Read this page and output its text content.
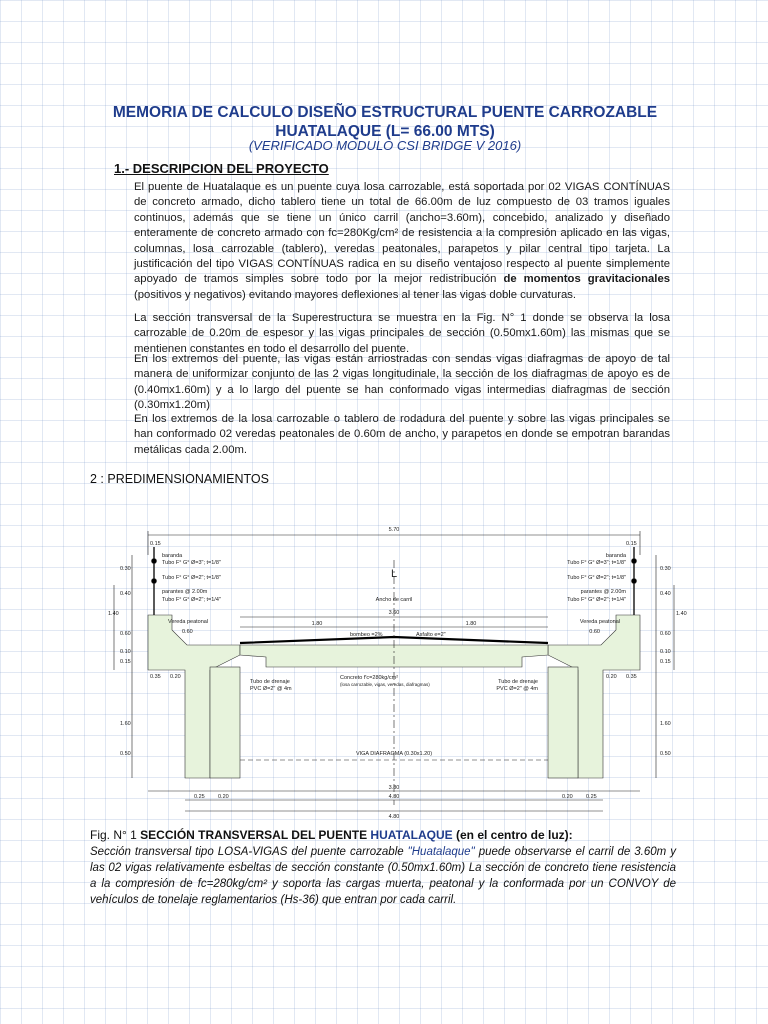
MEMORIA DE CALCULO DISEÑO ESTRUCTURAL PUENTE CARROZABLE
HUATALAQUE (L= 66.00 MTS)
(VERIFICADO MODULO CSI BRIDGE V 2016)
1.- DESCRIPCION DEL PROYECTO
El puente de Huatalaque es un puente cuya losa carrozable, está soportada por 02 VIGAS CONTÍNUAS de concreto armado, dicho tablero tiene un total de 66.00m de luz compuesto de 03 tramos iguales continuos, además que se tiene un único carril (ancho=3.60m), concebido, analizado y diseñado enteramente de concreto armado con fc=280Kg/cm² de resistencia a la compresión aplicado en las vigas, columnas, losa carrozable (tablero), veredas peatonales, parapetos y pilar central tipo tarjeta. La justificación del tipo VIGAS CONTÍNUAS radica en su diseño ventajoso respecto al puente simplemente apoyado de tramos simples sobre todo por la mejor redistribución de momentos gravitacionales (positivos y negativos) evitando mayores deflexiones al tener las vigas doble curvaturas.
La sección transversal de la Superestructura se muestra en la Fig. N° 1 donde se observa la losa carrozable de 0.20m de espesor y las vigas principales de sección (0.50mx1.60m) las mismas que se mentienen constantes en todo el desarrollo del puente.
En los extremos del puente, las vigas están arriostradas con sendas vigas diafragmas de apoyo de tal manera de uniformizar conjunto de las 2 vigas longitudinale, la sección de los diafragmas de apoyo es de (0.40mx1.60m) y a lo largo del puente se han conformado vigas intermedias diafragmas de sección (0.30mx1.20m)
En los extremos de la losa carrozable o tablero de rodadura del puente y sobre las vigas principales se han conformado 02 veredas peatonales de 0.60m de ancho, y parapetos en donde se empotran barandas metálicas cada 2.00m.
2 : PREDIMENSIONAMIENTOS
5.70
0.15	0.15
baranda
Tubo F° G° Ø=3"; t=1/8"
Tubo F° G° Ø=2"; t=1/8"
parantes @ 2.00m
Tubo F° G° Ø=2"; t=1/4"
baranda
Tubo F° G° Ø=3"; t=1/8"
Tubo F° G° Ø=2"; t=1/8"
parantes @ 2.00m
Tubo F° G° Ø=2"; t=1/4"
Ancho de carril
3.60
L
Vereda peatonal
0.60
Vereda peatonal
0.60
1.80	1.80
bombeo =2%	Asfalto e=2"
Concreto f'c=280kg/cm²
(losa carrozable, vigas, veredas, diafragmas)
Tubo de drenaje
PVC Ø=2" @ 4m
Tubo de drenaje
PVC Ø=2" @ 4m
VIGA DIAFRAGMA (0.30x1.20)
3.80
4.30
4.80
0.25 0.20	0.25
0.20
1.40	1.40
1.60	1.60
0.30	0.30
0.60	0.60
0.10	0.10
0.40	0.40
0.50	0.50
0.15	0.15
0.35	0.35
0.20	0.20
Fig. N° 1 SECCIÓN TRANSVERSAL DEL PUENTE HUATALAQUE (en el centro de luz):
Sección transversal tipo LOSA-VIGAS del puente carrozable "Huatalaque" puede observarse el carril de 3.60m y las 02 vigas relativamente esbeltas de sección constante (0.50mx1.60m) La sección de concreto tiene resistencia a la compresión de fc=280kg/cm² y soporta las cargas muerta, peatonal y la conformada por un CONVOY de vehículos de tonelaje reglamentarios (Hs-36) que entran por cada carril.
